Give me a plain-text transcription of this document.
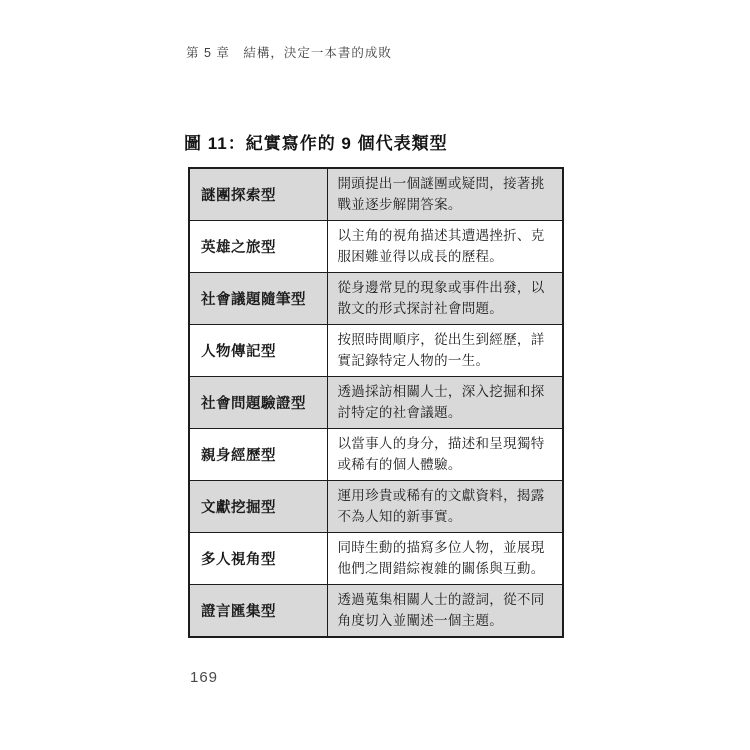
第 5 章　結構，決定一本書的成敗
圖 11：紀實寫作的 9 個代表類型
謎團探索型	開頭提出一個謎團或疑問，接著挑戰並逐步解開答案。
英雄之旅型	以主角的視角描述其遭遇挫折、克服困難並得以成長的歷程。
社會議題隨筆型	從身邊常見的現象或事件出發，以散文的形式探討社會問題。
人物傳記型	按照時間順序，從出生到經歷，詳實記錄特定人物的一生。
社會問題驗證型	透過採訪相關人士，深入挖掘和探討特定的社會議題。
親身經歷型	以當事人的身分，描述和呈現獨特或稀有的個人體驗。
文獻挖掘型	運用珍貴或稀有的文獻資料，揭露不為人知的新事實。
多人視角型	同時生動的描寫多位人物，並展現他們之間錯綜複雜的關係與互動。
證言匯集型	透過蒐集相關人士的證詞，從不同角度切入並闡述一個主題。
169
